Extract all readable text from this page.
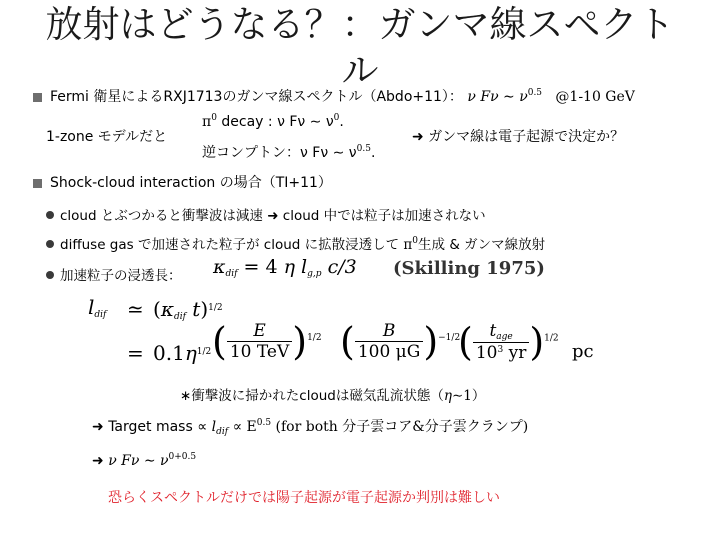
放射はどうなる？：ガンマ線スペクト
ル
Fermi 衛星によるRXJ1713のガンマ線スペクトル（Abdo+11）： ν Fν ∼ $\nu^{0.5}$ @1-10 GeV
1-zone モデルだと
$\pi^0$ decay : ν Fν ∼ $\nu^0$.
逆コンプトン：ν Fν ∼ $\nu^{0.5}$.
➜ ガンマ線は電子起源で決定か？
Shock-cloud interaction の場合（TI+11）
cloud とぶつかると衝撃波は減速 ➜ cloud 中では粒子は加速されない
diffuse gas で加速された粒子が cloud に拡散浸透して $\pi^0$生成 & ガンマ線放射
加速粒子の浸透長： $\kappa_{dif} = 4$ η $l_{g,p}$ c/3 (Skilling 1975)
$l_{dif}$ ≃ ($\kappa_{dif}$ t)$^{1/2}$
= $0.1\eta^{1/2}$ ( $\frac{E}{\text{10 TeV}} )^{1/2}$ ( $\frac{B}{100 \mu G} )^{-1/2}$
( $\frac{t_{age}}{10^3 yr} )^{1/2}$
pc
∗衝撃波に掃かれたcloudは磁気乱流状態（η∼1）
➜ Target mass ∝ $l_{dif} \propto E^{0.5}$ (for both 分子雲コア&分子雲クランプ)
➜ ν Fν ∼ $\nu^{0+0.5}$
恐らくスペクトルだけでは陽子起源が電子起源か判別は難しい
